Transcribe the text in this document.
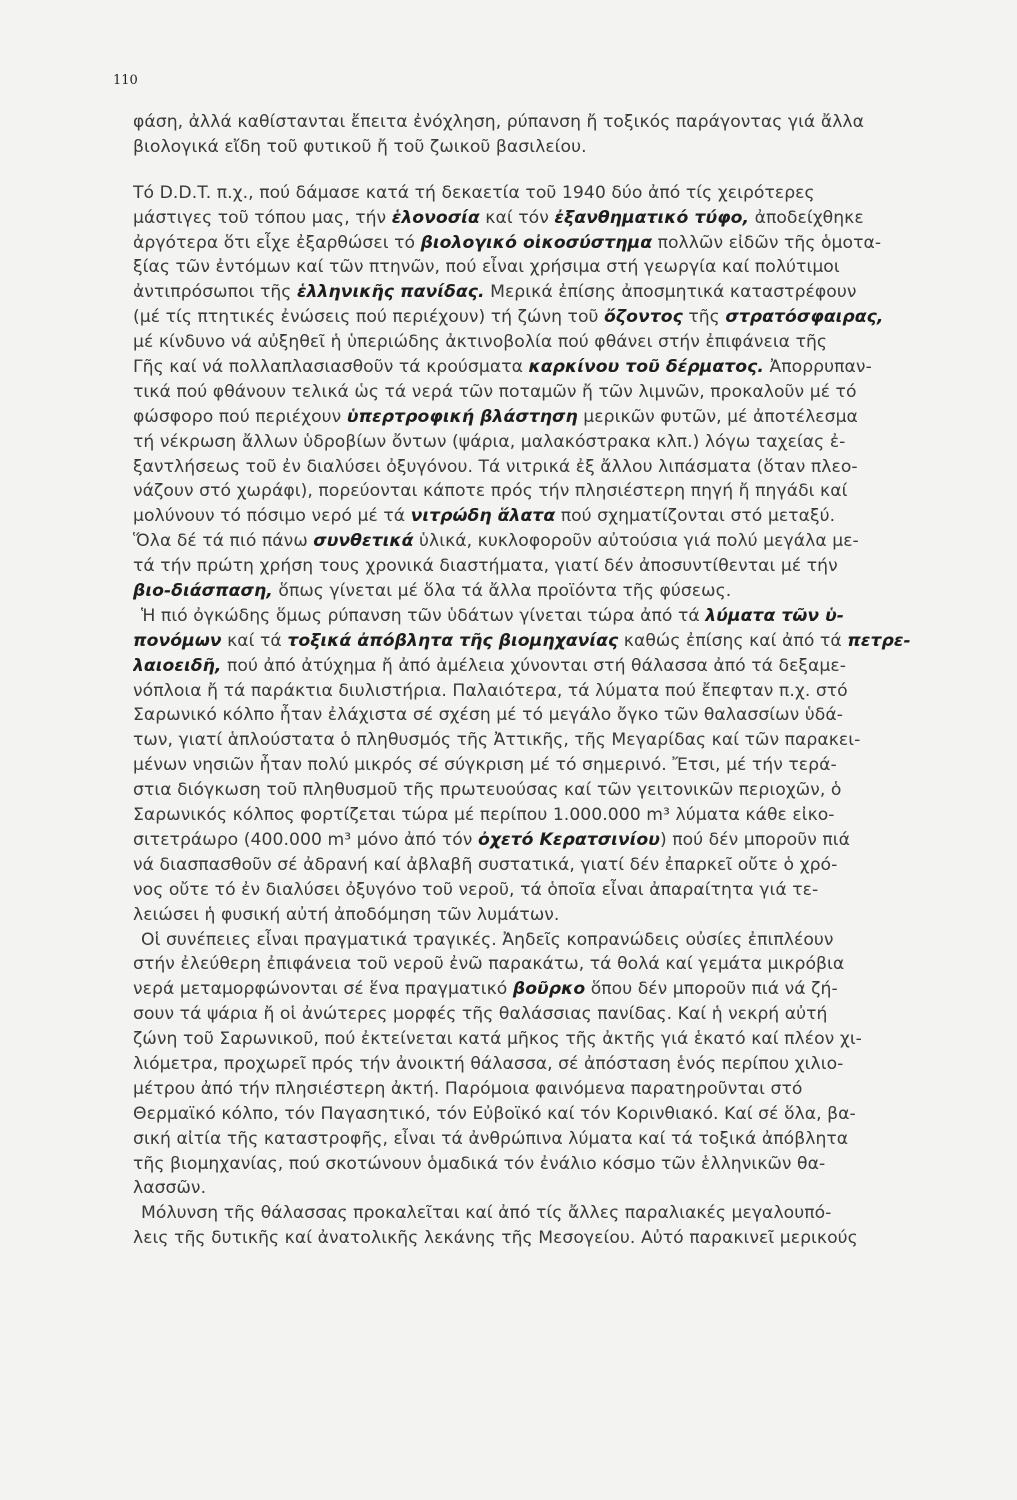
110
φάση, ἀλλά καθίστανται ἔπειτα ἐνόχληση, ρύπανση ἤ τοξικός παράγοντας γιά ἄλλα
βιολογικά εἴδη τοῦ φυτικοῦ ἤ τοῦ ζωικοῦ βασιλείου.
Τό D.D.T. π.χ., πού δάμασε κατά τή δεκαετία τοῦ 1940 δύο ἀπό τίς χειρότερες
μάστιγες τοῦ τόπου μας, τήν ἑλονοσία καί τόν ἐξανθηματικό τύφο, ἀποδείχθηκε
ἀργότερα ὅτι εἶχε ἐξαρθώσει τό βιολογικό οἰκοσύστημα πολλῶν εἰδῶν τῆς ὁμοτα-
ξίας τῶν ἐντόμων καί τῶν πτηνῶν, πού εἶναι χρήσιμα στή γεωργία καί πολύτιμοι
ἀντιπρόσωποι τῆς ἑλληνικῆς πανίδας. Μερικά ἐπίσης ἀποσμητικά καταστρέφουν
(μέ τίς πτητικές ἐνώσεις πού περιέχουν) τή ζώνη τοῦ ὄζοντος τῆς στρατόσφαιρας,
μέ κίνδυνο νά αὐξηθεῖ ἡ ὑπεριώδης ἀκτινοβολία πού φθάνει στήν ἐπιφάνεια τῆς
Γῆς καί νά πολλαπλασιασθοῦν τά κρούσματα καρκίνου τοῦ δέρματος. Ἀπορρυπαν-
τικά πού φθάνουν τελικά ὡς τά νερά τῶν ποταμῶν ἤ τῶν λιμνῶν, προκαλοῦν μέ τό
φώσφορο πού περιέχουν ὑπερτροφική βλάστηση μερικῶν φυτῶν, μέ ἀποτέλεσμα
τή νέκρωση ἄλλων ὑδροβίων ὄντων (ψάρια, μαλακόστρακα κλπ.) λόγω ταχείας ἐ-
ξαντλήσεως τοῦ ἐν διαλύσει ὀξυγόνου. Τά νιτρικά ἐξ ἄλλου λιπάσματα (ὅταν πλεο-
νάζουν στό χωράφι), πορεύονται κάποτε πρός τήν πλησιέστερη πηγή ἤ πηγάδι καί
μολύνουν τό πόσιμο νερό μέ τά νιτρώδη ἅλατα πού σχηματίζονται στό μεταξύ.
Ὅλα δέ τά πιό πάνω συνθετικά ὑλικά, κυκλοφοροῦν αὐτούσια γιά πολύ μεγάλα με-
τά τήν πρώτη χρήση τους χρονικά διαστήματα, γιατί δέν ἀποσυντίθενται μέ τήν
βιο-διάσπαση, ὅπως γίνεται μέ ὅλα τά ἄλλα προϊόντα τῆς φύσεως.
Ἡ πιό ὀγκώδης ὅμως ρύπανση τῶν ὑδάτων γίνεται τώρα ἀπό τά λύματα τῶν ὑ-
πονόμων καί τά τοξικά ἀπόβλητα τῆς βιομηχανίας καθώς ἐπίσης καί ἀπό τά πετρε-
λαιοειδῆ, πού ἀπό ἀτύχημα ἤ ἀπό ἀμέλεια χύνονται στή θάλασσα ἀπό τά δεξαμε-
νόπλοια ἤ τά παράκτια διυλιστήρια. Παλαιότερα, τά λύματα πού ἔπεφταν π.χ. στό
Σαρωνικό κόλπο ἦταν ἐλάχιστα σέ σχέση μέ τό μεγάλο ὄγκο τῶν θαλασσίων ὑδά-
των, γιατί ἁπλούστατα ὁ πληθυσμός τῆς Ἀττικῆς, τῆς Μεγαρίδας καί τῶν παρακει-
μένων νησιῶν ἦταν πολύ μικρός σέ σύγκριση μέ τό σημερινό. Ἔτσι, μέ τήν τερά-
στια διόγκωση τοῦ πληθυσμοῦ τῆς πρωτευούσας καί τῶν γειτονικῶν περιοχῶν, ὁ
Σαρωνικός κόλπος φορτίζεται τώρα μέ περίπου 1.000.000 m³ λύματα κάθε εἰκο-
σιτετράωρο (400.000 m³ μόνο ἀπό τόν ὀχετό Κερατσινίου) πού δέν μποροῦν πιά
νά διασπασθοῦν σέ ἀδρανή καί ἀβλαβῆ συστατικά, γιατί δέν ἐπαρκεῖ οὔτε ὁ χρό-
νος οὔτε τό ἐν διαλύσει ὀξυγόνο τοῦ νεροῦ, τά ὁποῖα εἶναι ἀπαραίτητα γιά τε-
λειώσει ἡ φυσική αὐτή ἀποδόμηση τῶν λυμάτων.
Οἱ συνέπειες εἶναι πραγματικά τραγικές. Ἀηδεῖς κοπρανώδεις οὐσίες ἐπιπλέουν
στήν ἐλεύθερη ἐπιφάνεια τοῦ νεροῦ ἐνῶ παρακάτω, τά θολά καί γεμάτα μικρόβια
νερά μεταμορφώνονται σέ ἕνα πραγματικό βοῦρκο ὅπου δέν μποροῦν πιά νά ζή-
σουν τά ψάρια ἤ οἱ ἀνώτερες μορφές τῆς θαλάσσιας πανίδας. Καί ἡ νεκρή αὐτή
ζώνη τοῦ Σαρωνικοῦ, πού ἐκτείνεται κατά μῆκος τῆς ἀκτῆς γιά ἑκατό καί πλέον χι-
λιόμετρα, προχωρεῖ πρός τήν ἀνοικτή θάλασσα, σέ ἀπόσταση ἑνός περίπου χιλιο-
μέτρου ἀπό τήν πλησιέστερη ἀκτή. Παρόμοια φαινόμενα παρατηροῦνται στό
Θερμαϊκό κόλπο, τόν Παγασητικό, τόν Εὐβοϊκό καί τόν Κορινθιακό. Καί σέ ὅλα, βα-
σική αἰτία τῆς καταστροφῆς, εἶναι τά ἀνθρώπινα λύματα καί τά τοξικά ἀπόβλητα
τῆς βιομηχανίας, πού σκοτώνουν ὁμαδικά τόν ἐνάλιο κόσμο τῶν ἑλληνικῶν θα-
λασσῶν.
Μόλυνση τῆς θάλασσας προκαλεῖται καί ἀπό τίς ἄλλες παραλιακές μεγαλουπό-
λεις τῆς δυτικῆς καί ἀνατολικῆς λεκάνης τῆς Μεσογείου. Αὐτό παρακινεῖ μερικούς
